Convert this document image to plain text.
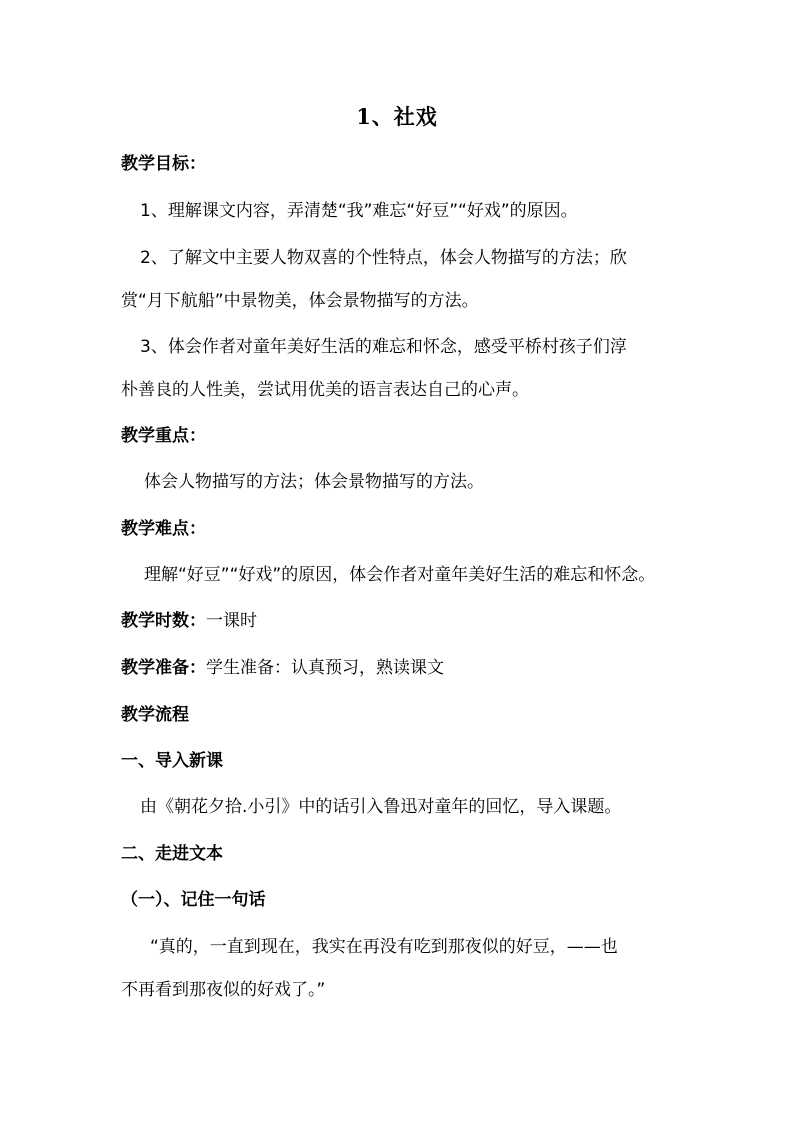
1、社戏
教学目标：
1、理解课文内容，弄清楚“我”难忘“好豆”“好戏”的原因。
2、了解文中主要人物双喜的个性特点，体会人物描写的方法；欣
赏“月下航船”中景物美，体会景物描写的方法。
3、体会作者对童年美好生活的难忘和怀念，感受平桥村孩子们淳
朴善良的人性美，尝试用优美的语言表达自己的心声。
教学重点：
体会人物描写的方法；体会景物描写的方法。
教学难点：
理解“好豆”“好戏”的原因，体会作者对童年美好生活的难忘和怀念。
教学时数：一课时
教学准备：学生准备：认真预习，熟读课文
教学流程
一、导入新课
由《朝花夕拾.小引》中的话引入鲁迅对童年的回忆，导入课题。
二、走进文本
（一）、记住一句话
“真的，一直到现在，我实在再没有吃到那夜似的好豆，——也
不再看到那夜似的好戏了。”
